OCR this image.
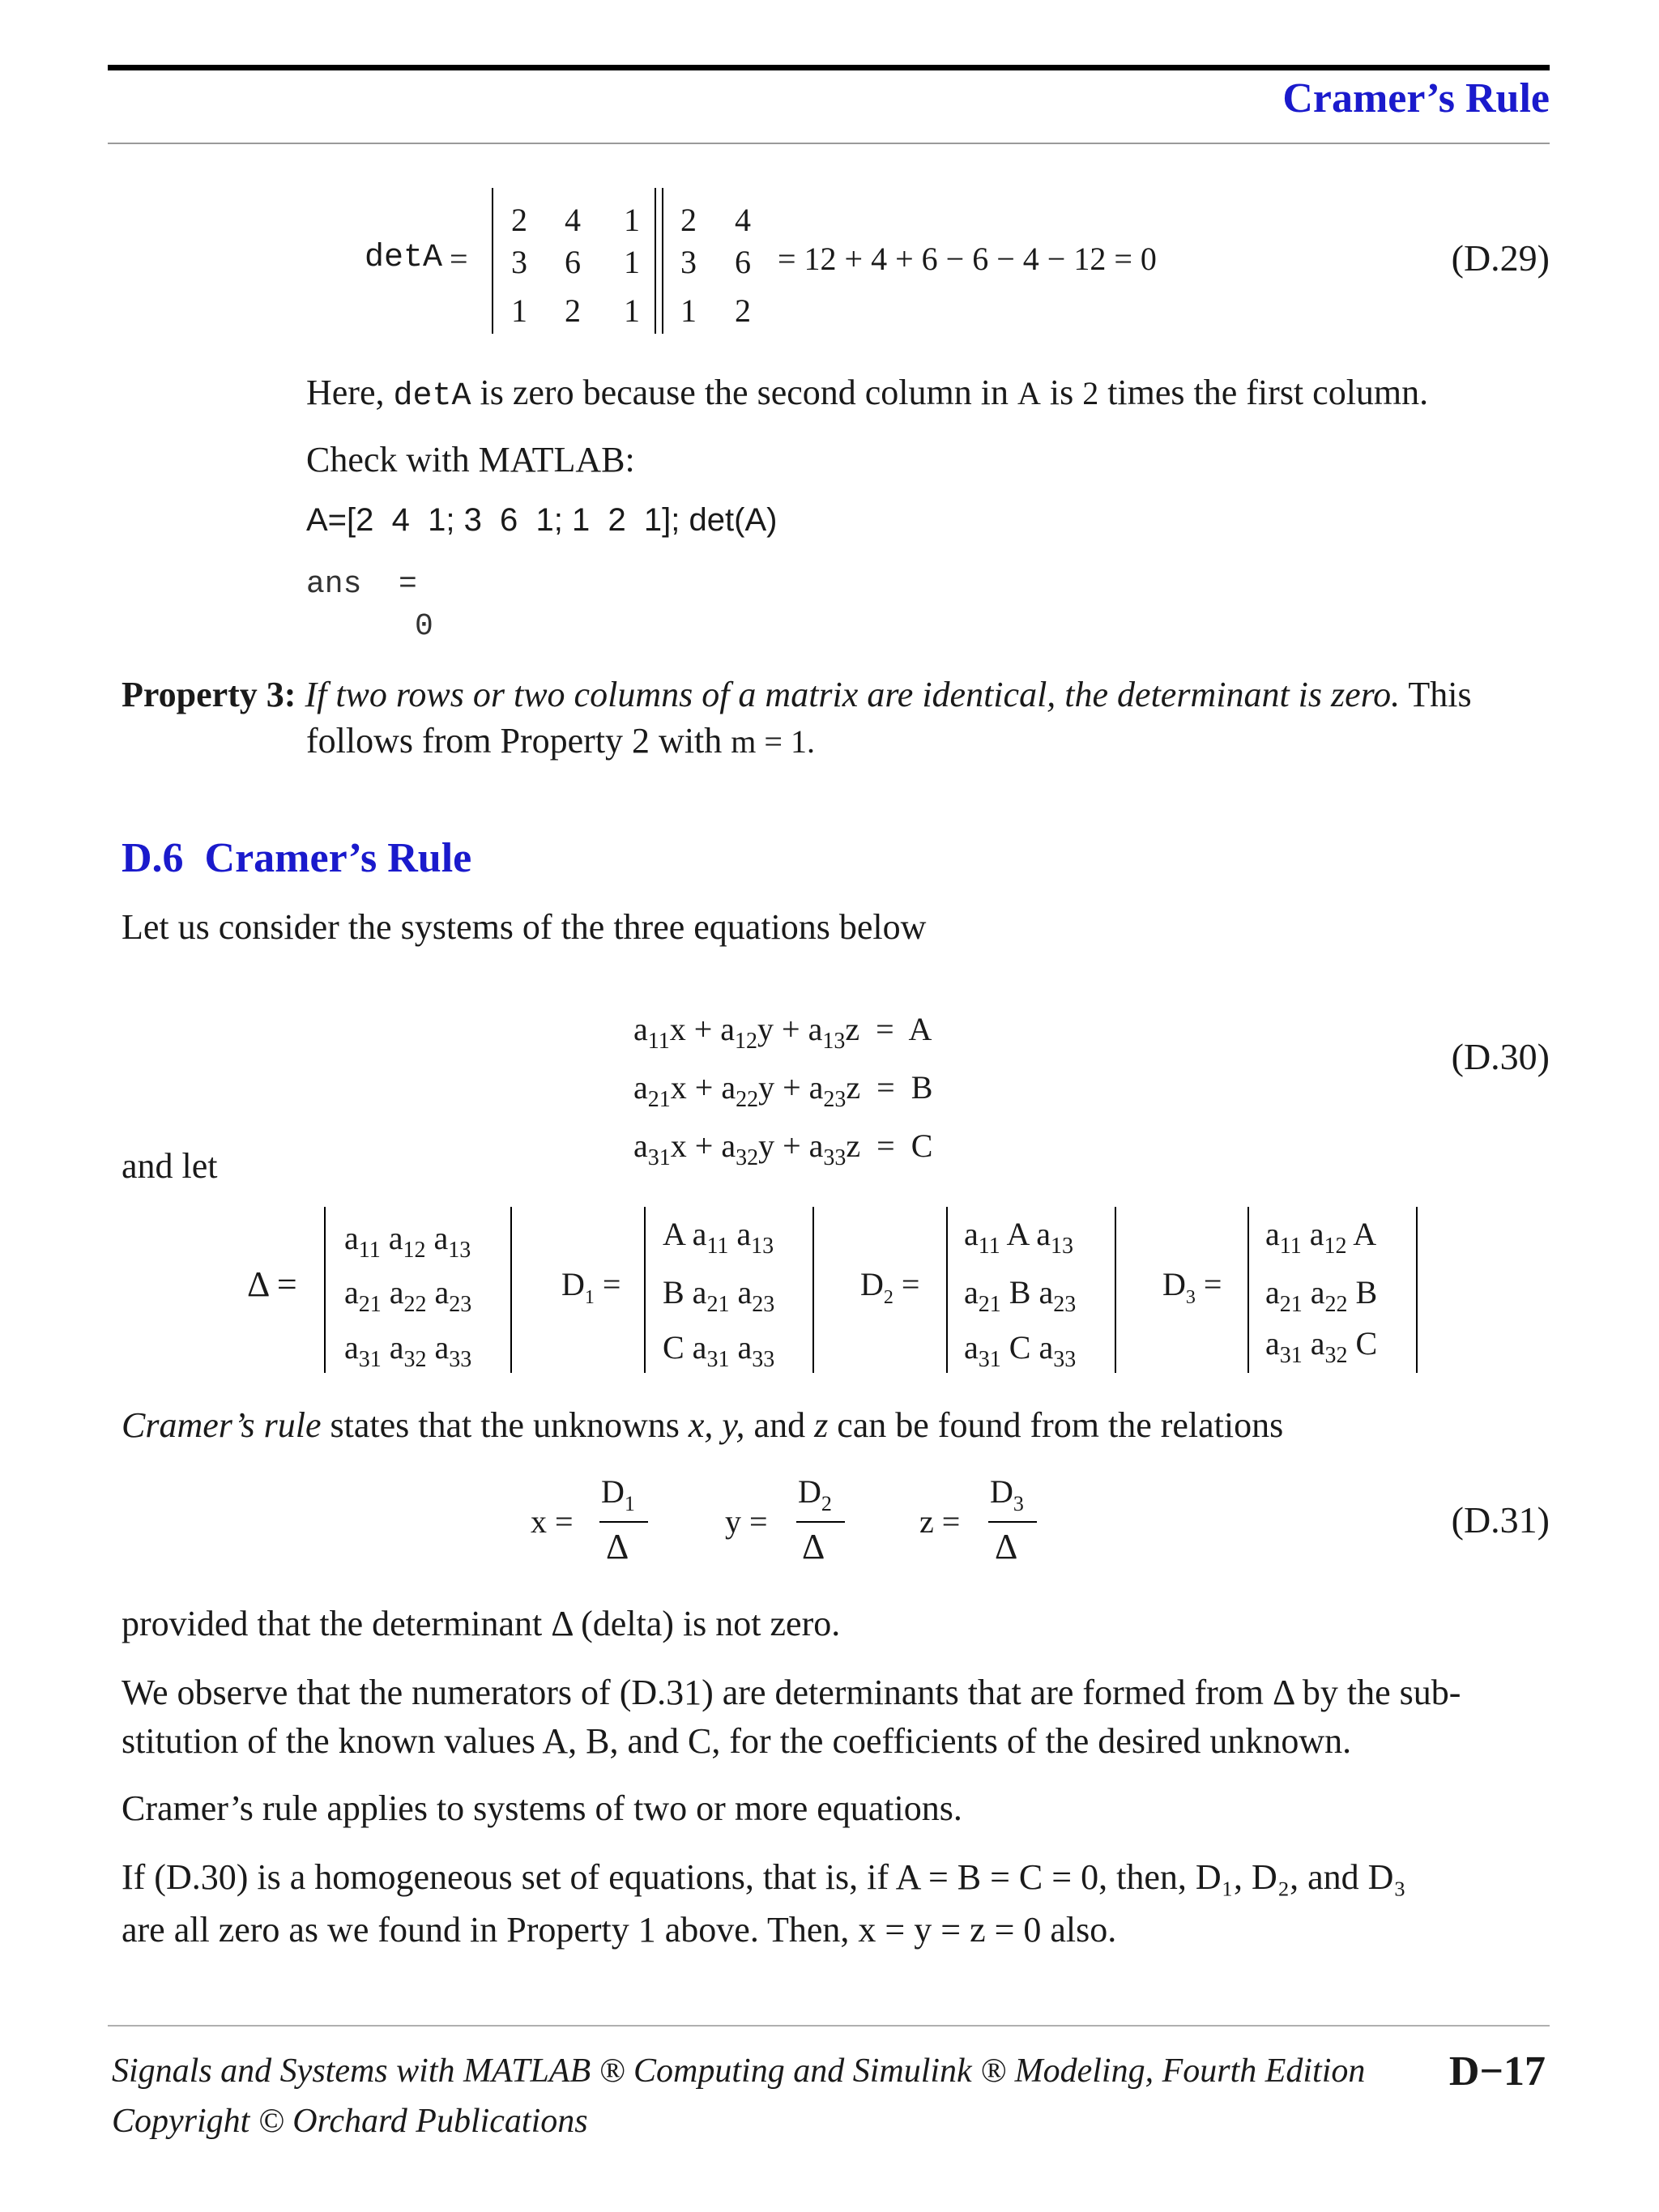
Cramer’s Rule
detA =
2	4	1
3	6	1
1	2	1
2	4
3	6
1	2
= 12 + 4 + 6 − 6 − 4 − 12 = 0	(D.29)
Here, detA is zero because the second column in A is 2 times the first column.
Check with MATLAB:
A=[2  4  1; 3  6  1; 1  2  1]; det(A)
ans  =
0
Property 3: If two rows or two columns of a matrix are identical, the determinant is zero. This
follows from Property 2 with m = 1.
D.6  Cramer’s Rule
Let us consider the systems of the three equations below

$a_{11}x + a_{12}y + a_{13}z = A$

$a_{21}x + a_{22}y + a_{23}z = B$

$a_{31}x + a_{32}y + a_{33}z = C$

(D.30)
and let
Δ =
$a_{11}$ $a_{12}$ $a_{13}$
$a_{21}$ $a_{22}$ $a_{23}$
$a_{31}$ $a_{32}$ $a_{33}$
$D_1$ =
A $a_{11}$ $a_{13}$
B $a_{21}$ $a_{23}$
C $a_{31}$ $a_{33}$
$D_2$ =
$a_{11}$ A $a_{13}$
$a_{21}$ B $a_{23}$
$a_{31}$ C $a_{33}$
$D_3$ =
$a_{11}$ $a_{12}$ A
$a_{21}$ $a_{22}$ B
$a_{31}$ $a_{32}$ C
Cramer’s rule states that the unknowns x, y, and z can be found from the relations
x =
$D_1$
Δ
y =
$D_2$
Δ
z =
$D_3$
Δ
(D.31)
provided that the determinant Δ (delta) is not zero.
We observe that the numerators of (D.31) are determinants that are formed from Δ by the sub-
stitution of the known values A, B, and C, for the coefficients of the desired unknown.
Cramer’s rule applies to systems of two or more equations.
If (D.30) is a homogeneous set of equations, that is, if A = B = C = 0, then, D₁, D₂, and D₃
are all zero as we found in Property 1 above. Then, x = y = z = 0 also.
Signals and Systems with MATLAB ® Computing and Simulink ® Modeling, Fourth Edition
Copyright © Orchard Publications
D−17
